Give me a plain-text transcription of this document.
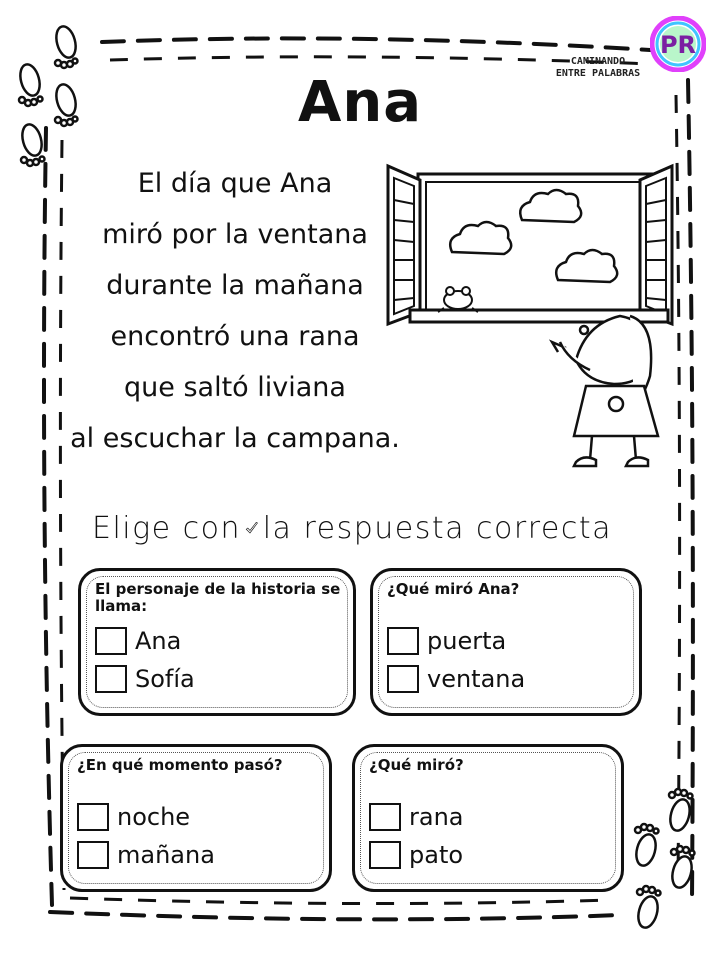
CAMINANDO
ENTRE PALABRAS
PR
Ana
El día que Ana
miró por la ventana
durante la mañana
encontró una rana
que saltó liviana
al escuchar la campana.
Elige con la respuesta correcta
El personaje de la historia se llama:
Ana
Sofía
¿Qué miró Ana?
puerta
ventana
¿En qué momento pasó?
noche
mañana
¿Qué miró?
rana
pato
